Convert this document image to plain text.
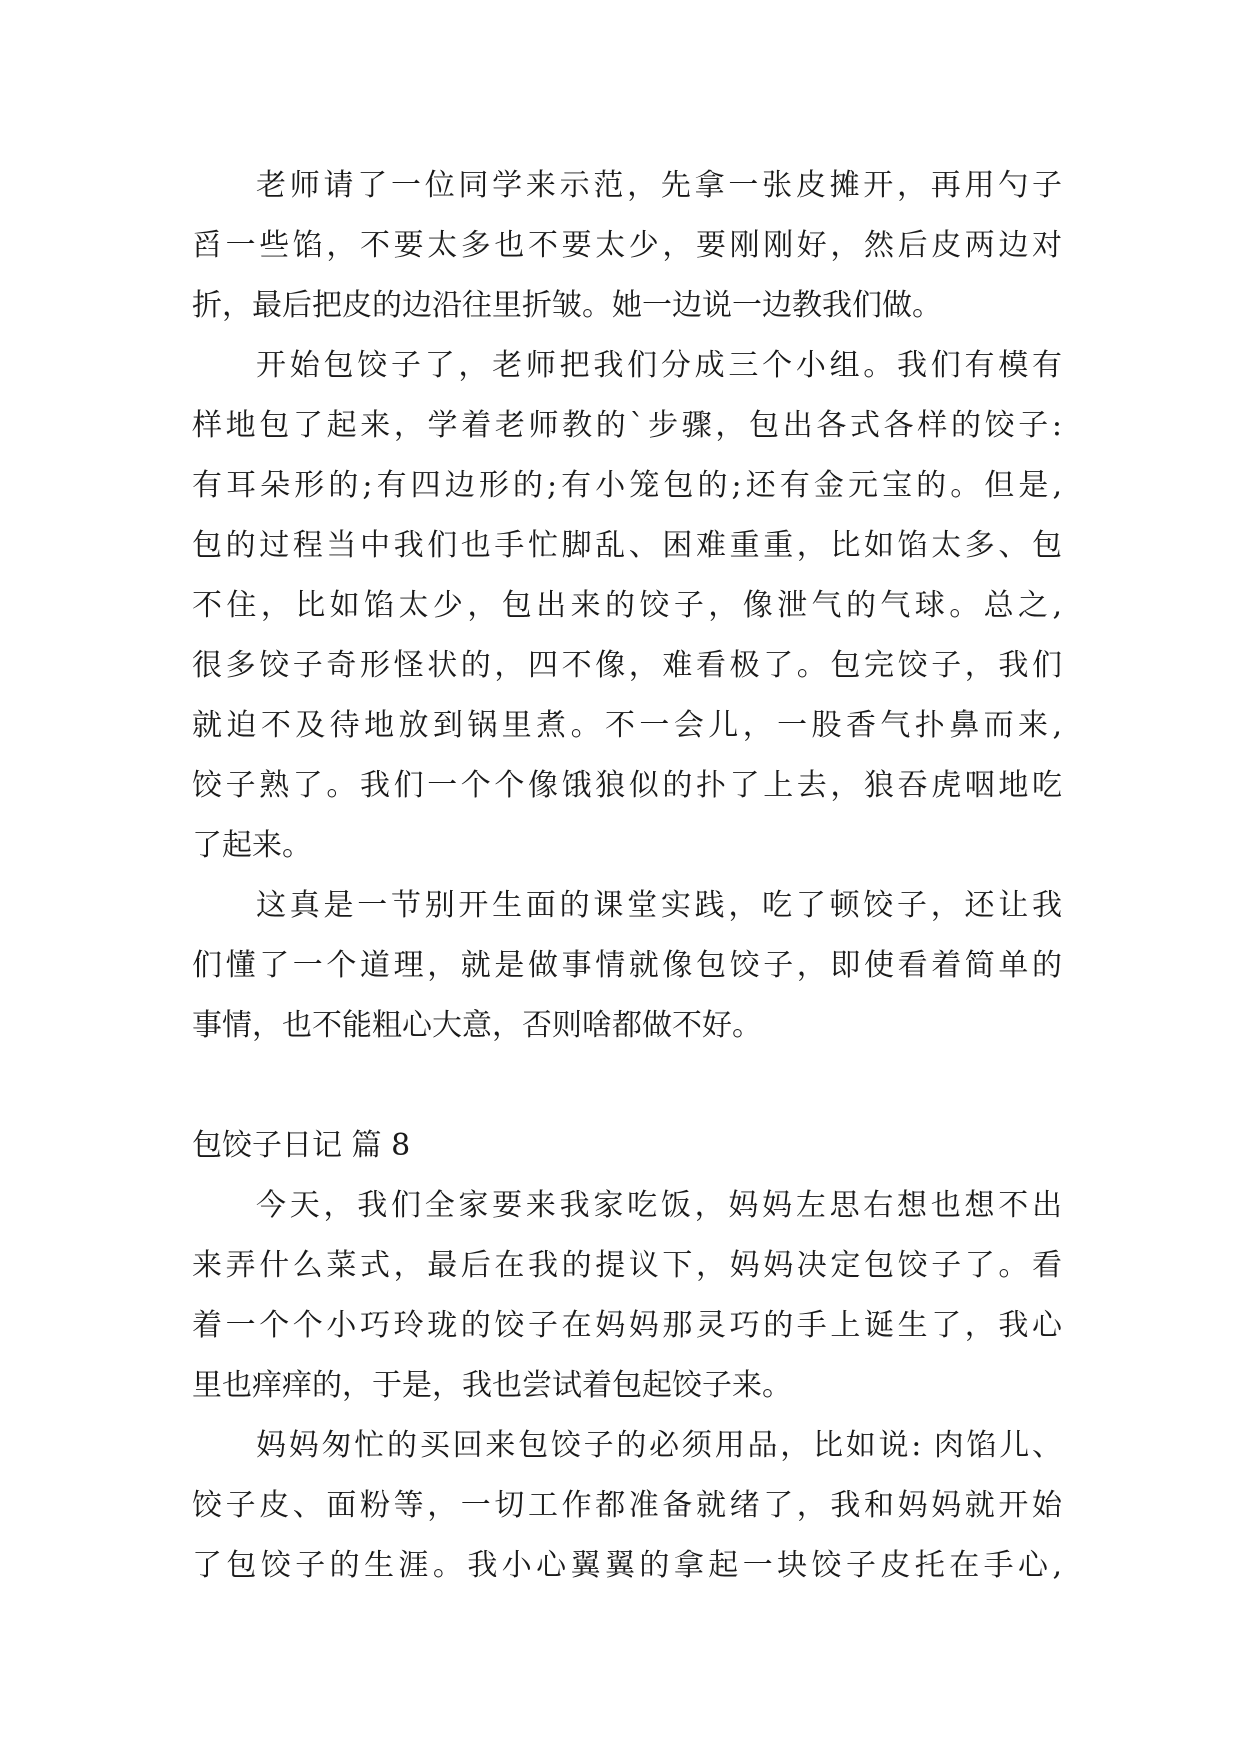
老师请了一位同学来示范，先拿一张皮摊开，再用勺子
舀一些馅，不要太多也不要太少，要刚刚好，然后皮两边对
折，最后把皮的边沿往里折皱。她一边说一边教我们做。
开始包饺子了，老师把我们分成三个小组。我们有模有
样地包了起来，学着老师教的`步骤，包出各式各样的饺子:
有耳朵形的;有四边形的;有小笼包的;还有金元宝的。但是,
包的过程当中我们也手忙脚乱、困难重重，比如馅太多、包
不住，比如馅太少，包出来的饺子，像泄气的气球。总之,
很多饺子奇形怪状的，四不像，难看极了。包完饺子，我们
就迫不及待地放到锅里煮。不一会儿，一股香气扑鼻而来,
饺子熟了。我们一个个像饿狼似的扑了上去，狼吞虎咽地吃
了起来。
这真是一节别开生面的课堂实践，吃了顿饺子，还让我
们懂了一个道理，就是做事情就像包饺子，即使看着简单的
事情，也不能粗心大意，否则啥都做不好。
包饺子日记 篇 8
今天，我们全家要来我家吃饭，妈妈左思右想也想不出
来弄什么菜式，最后在我的提议下，妈妈决定包饺子了。看
着一个个小巧玲珑的饺子在妈妈那灵巧的手上诞生了，我心
里也痒痒的，于是，我也尝试着包起饺子来。
妈妈匆忙的买回来包饺子的必须用品，比如说: 肉馅儿、
饺子皮、面粉等，一切工作都准备就绪了，我和妈妈就开始
了包饺子的生涯。我小心翼翼的拿起一块饺子皮托在手心,
